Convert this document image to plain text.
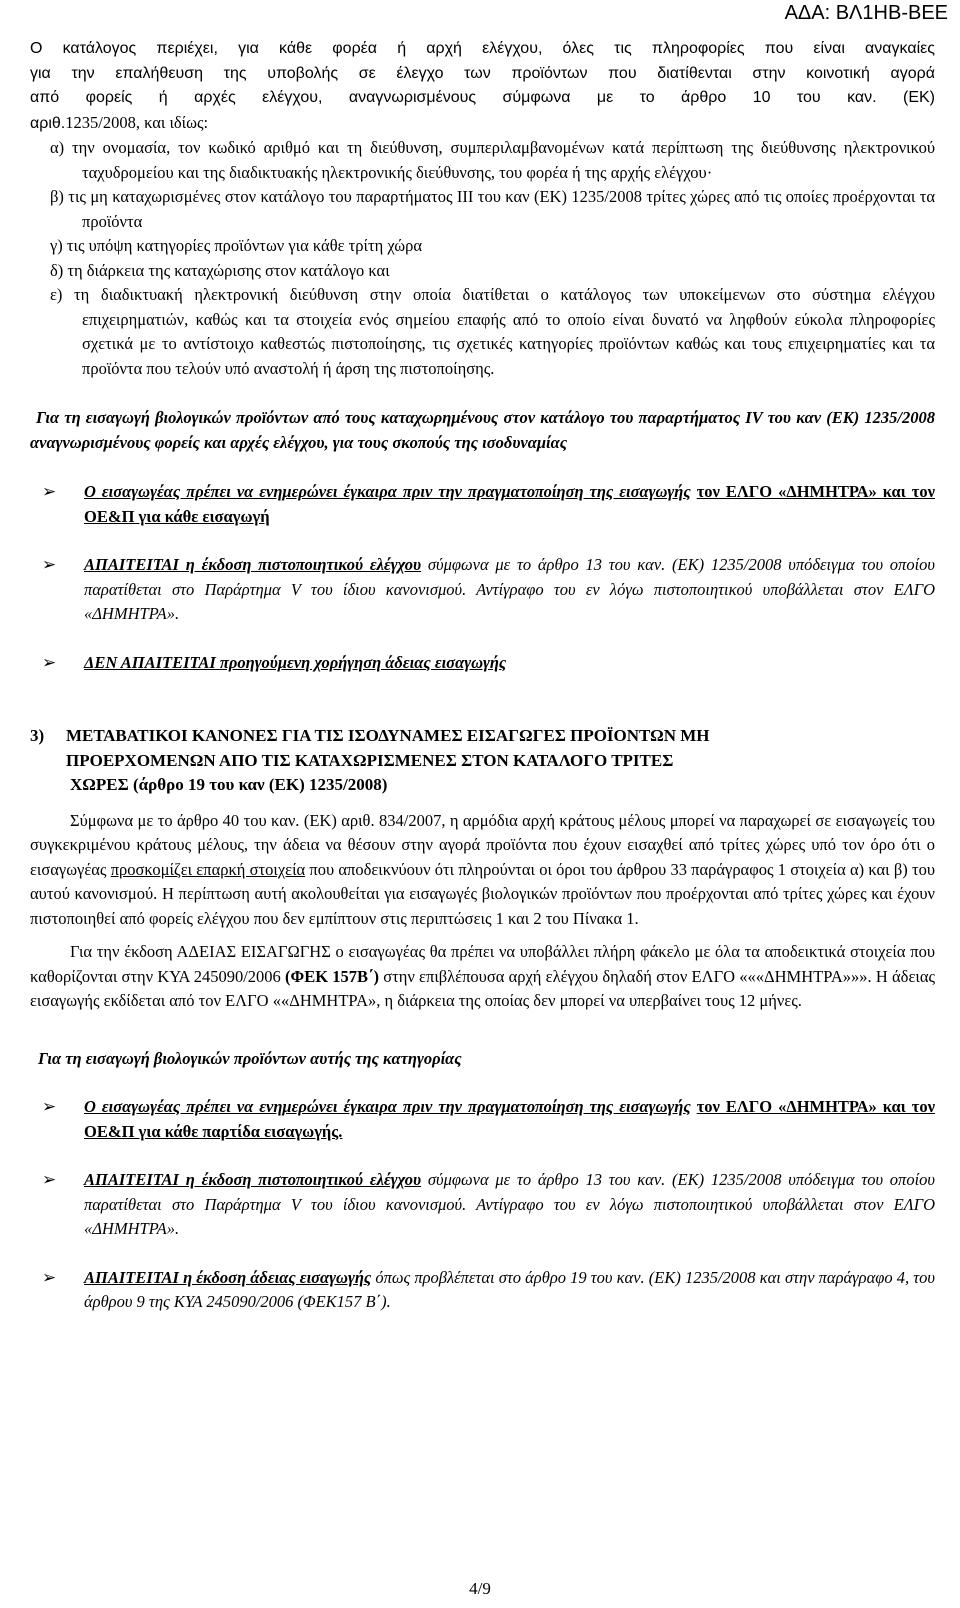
ΑΔΑ: ΒΛ1ΗΒ-ΒΕΕ
Ο κατάλογος περιέχει, για κάθε φορέα ή αρχή ελέγχου, όλες τις πληροφορίες που είναι αναγκαίες
για την επαλήθευση της υποβολής σε έλεγχο των προϊόντων που διατίθενται στην κοινοτική αγορά
από φορείς ή αρχές ελέγχου, αναγνωρισμένους σύμφωνα με το άρθρο 10 του καν. (ΕΚ)
αριθ.1235/2008, και ιδίως:

α) την ονομασία, τον κωδικό αριθμό και τη διεύθυνση, συμπεριλαμβανομένων κατά περίπτωση της διεύθυνσης ηλεκτρονικού ταχυδρομείου και της διαδικτυακής ηλεκτρονικής διεύθυνσης, του φορέα ή της αρχής ελέγχου·

β) τις μη καταχωρισμένες στον κατάλογο του παραρτήματος ΙΙΙ του καν (ΕΚ) 1235/2008 τρίτες χώρες από τις οποίες προέρχονται τα προϊόντα

γ) τις υπόψη κατηγορίες προϊόντων για κάθε τρίτη χώρα

δ) τη διάρκεια της καταχώρισης στον κατάλογο και

ε) τη διαδικτυακή ηλεκτρονική διεύθυνση στην οποία διατίθεται ο κατάλογος των υποκείμενων στο σύστημα ελέγχου επιχειρηματιών, καθώς και τα στοιχεία ενός σημείου επαφής από το οποίο είναι δυνατό να ληφθούν εύκολα πληροφορίες σχετικά με το αντίστοιχο καθεστώς πιστοποίησης, τις σχετικές κατηγορίες προϊόντων καθώς και τους επιχειρηματίες και τα προϊόντα που τελούν υπό αναστολή ή άρση της πιστοποίησης.

Για τη εισαγωγή βιολογικών προϊόντων από τους καταχωρημένους στον κατάλογο του παραρτήματος IV του καν (ΕΚ) 1235/2008 αναγνωρισμένους φορείς και αρχές ελέγχου, για τους σκοπούς της ισοδυναμίας

➢ Ο εισαγωγέας πρέπει να ενημερώνει έγκαιρα πριν την πραγματοποίηση της εισαγωγής τον ΕΛΓΟ «ΔΗΜΗΤΡΑ» και τον ΟΕ&Π για κάθε εισαγωγή
➢ ΑΠΑΙΤΕΙΤΑΙ η έκδοση πιστοποιητικού ελέγχου σύμφωνα με το άρθρο 13 του καν. (ΕΚ) 1235/2008 υπόδειγμα του οποίου παρατίθεται στο Παράρτημα V του ίδιου κανονισμού. Αντίγραφο του εν λόγω πιστοποιητικού υποβάλλεται στον ΕΛΓΟ «ΔΗΜΗΤΡΑ».
➢ ΔΕΝ ΑΠΑΙΤΕΙΤΑΙ προηγούμενη χορήγηση άδειας εισαγωγής
3) ΜΕΤΑΒΑΤΙΚΟΙ ΚΑΝΟΝΕΣ ΓΙΑ ΤΙΣ ΙΣΟΔΥΝΑΜΕΣ ΕΙΣΑΓΩΓΕΣ ΠΡΟΪΟΝΤΩΝ ΜΗ
ΠΡΟΕΡΧΟΜΕΝΩΝ ΑΠΟ ΤΙΣ ΚΑΤΑΧΩΡΙΣΜΕΝΕΣ ΣΤΟΝ ΚΑΤΑΛΟΓΟ ΤΡΙΤΕΣ
ΧΩΡΕΣ (άρθρο 19 του καν (ΕΚ) 1235/2008)

Σύμφωνα με το άρθρο 40 του καν. (ΕΚ) αριθ. 834/2007, η αρμόδια αρχή κράτους μέλους μπορεί να παραχωρεί σε εισαγωγείς του συγκεκριμένου κράτους μέλους, την άδεια να θέσουν στην αγορά προϊόντα που έχουν εισαχθεί από τρίτες χώρες υπό τον όρο ότι ο εισαγωγέας προσκομίζει επαρκή στοιχεία που αποδεικνύουν ότι πληρούνται οι όροι του άρθρου 33 παράγραφος 1 στοιχεία α) και β) του αυτού κανονισμού. Η περίπτωση αυτή ακολουθείται για εισαγωγές βιολογικών προϊόντων που προέρχονται από τρίτες χώρες και έχουν πιστοποιηθεί από φορείς ελέγχου που δεν εμπίπτουν στις περιπτώσεις 1 και 2 του Πίνακα 1.

Για την έκδοση ΑΔΕΙΑΣ ΕΙΣΑΓΩΓΗΣ ο εισαγωγέας θα πρέπει να υποβάλλει πλήρη φάκελο με όλα τα αποδεικτικά στοιχεία που καθορίζονται στην ΚΥΑ 245090/2006 (ΦΕΚ 157Β΄) στην επιβλέπουσα αρχή ελέγχου δηλαδή στον ΕΛΓΟ «««ΔΗΜΗΤΡΑ»»». Η άδειας εισαγωγής εκδίδεται από τον ΕΛΓΟ ««ΔΗΜΗΤΡΑ», η διάρκεια της οποίας δεν μπορεί να υπερβαίνει τους 12 μήνες.

Για τη εισαγωγή βιολογικών προϊόντων αυτής της κατηγορίας

➢ Ο εισαγωγέας πρέπει να ενημερώνει έγκαιρα πριν την πραγματοποίηση της εισαγωγής τον ΕΛΓΟ «ΔΗΜΗΤΡΑ» και τον ΟΕ&Π για κάθε παρτίδα εισαγωγής.
➢ ΑΠΑΙΤΕΙΤΑΙ η έκδοση πιστοποιητικού ελέγχου σύμφωνα με το άρθρο 13 του καν. (ΕΚ) 1235/2008 υπόδειγμα του οποίου παρατίθεται στο Παράρτημα V του ίδιου κανονισμού. Αντίγραφο του εν λόγω πιστοποιητικού υποβάλλεται στον ΕΛΓΟ «ΔΗΜΗΤΡΑ».
➢ ΑΠΑΙΤΕΙΤΑΙ η έκδοση άδειας εισαγωγής όπως προβλέπεται στο άρθρο 19 του καν. (ΕΚ) 1235/2008 και στην παράγραφο 4, του άρθρου 9 της ΚΥΑ 245090/2006 (ΦΕΚ157 Β΄).
4/9
